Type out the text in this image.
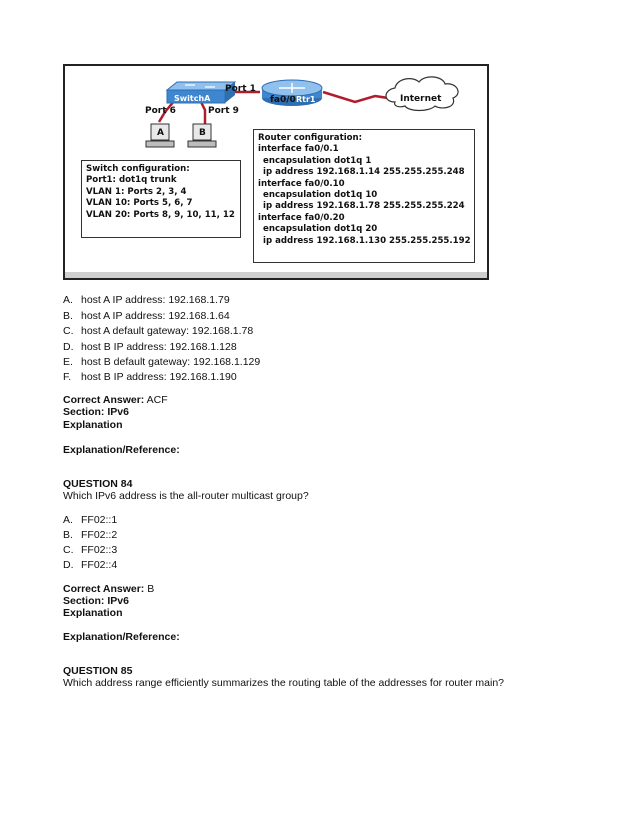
Port 1
Port 6	Port 9
SwitchA	fa0/0 Rtr1	Internet
A	B
Switch configuration:
Port1: dot1q trunk
VLAN 1: Ports 2, 3, 4
VLAN 10: Ports 5, 6, 7
VLAN 20: Ports 8, 9, 10, 11, 12
Router configuration:
interface fa0/0.1
encapsulation dot1q 1
ip address 192.168.1.14 255.255.255.248
interface fa0/0.10
encapsulation dot1q 10
ip address 192.168.1.78 255.255.255.224
interface fa0/0.20
encapsulation dot1q 20
ip address 192.168.1.130 255.255.255.192
A. host A IP address: 192.168.1.79
B. host A IP address: 192.168.1.64
C. host A default gateway: 192.168.1.78
D. host B IP address: 192.168.1.128
E. host B default gateway: 192.168.1.129
F. host B IP address: 192.168.1.190
Correct Answer: ACF
Section: IPv6
Explanation
Explanation/Reference:
QUESTION 84
Which IPv6 address is the all-router multicast group?
A. FF02::1
B. FF02::2
C. FF02::3
D. FF02::4
Correct Answer: B
Section: IPv6
Explanation
Explanation/Reference:
QUESTION 85
Which address range efficiently summarizes the routing table of the addresses for router main?
